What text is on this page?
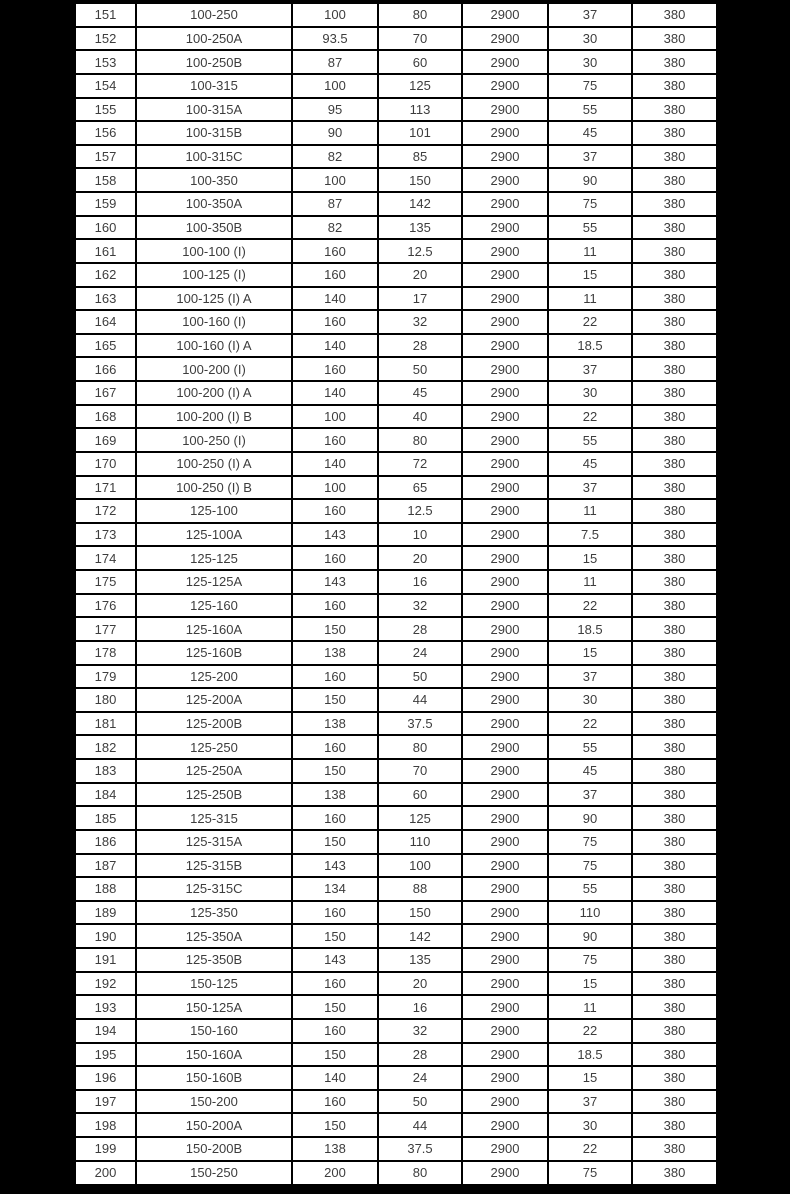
151	100-250	100	80	2900	37	380
152	100-250A	93.5	70	2900	30	380
153	100-250B	87	60	2900	30	380
154	100-315	100	125	2900	75	380
155	100-315A	95	113	2900	55	380
156	100-315B	90	101	2900	45	380
157	100-315C	82	85	2900	37	380
158	100-350	100	150	2900	90	380
159	100-350A	87	142	2900	75	380
160	100-350B	82	135	2900	55	380
161	100-100 (I)	160	12.5	2900	11	380
162	100-125 (I)	160	20	2900	15	380
163	100-125 (I) A	140	17	2900	11	380
164	100-160 (I)	160	32	2900	22	380
165	100-160 (I) A	140	28	2900	18.5	380
166	100-200 (I)	160	50	2900	37	380
167	100-200 (I) A	140	45	2900	30	380
168	100-200 (I) B	100	40	2900	22	380
169	100-250 (I)	160	80	2900	55	380
170	100-250 (I) A	140	72	2900	45	380
171	100-250 (I) B	100	65	2900	37	380
172	125-100	160	12.5	2900	11	380
173	125-100A	143	10	2900	7.5	380
174	125-125	160	20	2900	15	380
175	125-125A	143	16	2900	11	380
176	125-160	160	32	2900	22	380
177	125-160A	150	28	2900	18.5	380
178	125-160B	138	24	2900	15	380
179	125-200	160	50	2900	37	380
180	125-200A	150	44	2900	30	380
181	125-200B	138	37.5	2900	22	380
182	125-250	160	80	2900	55	380
183	125-250A	150	70	2900	45	380
184	125-250B	138	60	2900	37	380
185	125-315	160	125	2900	90	380
186	125-315A	150	110	2900	75	380
187	125-315B	143	100	2900	75	380
188	125-315C	134	88	2900	55	380
189	125-350	160	150	2900	110	380
190	125-350A	150	142	2900	90	380
191	125-350B	143	135	2900	75	380
192	150-125	160	20	2900	15	380
193	150-125A	150	16	2900	11	380
194	150-160	160	32	2900	22	380
195	150-160A	150	28	2900	18.5	380
196	150-160B	140	24	2900	15	380
197	150-200	160	50	2900	37	380
198	150-200A	150	44	2900	30	380
199	150-200B	138	37.5	2900	22	380
200	150-250	200	80	2900	75	380
